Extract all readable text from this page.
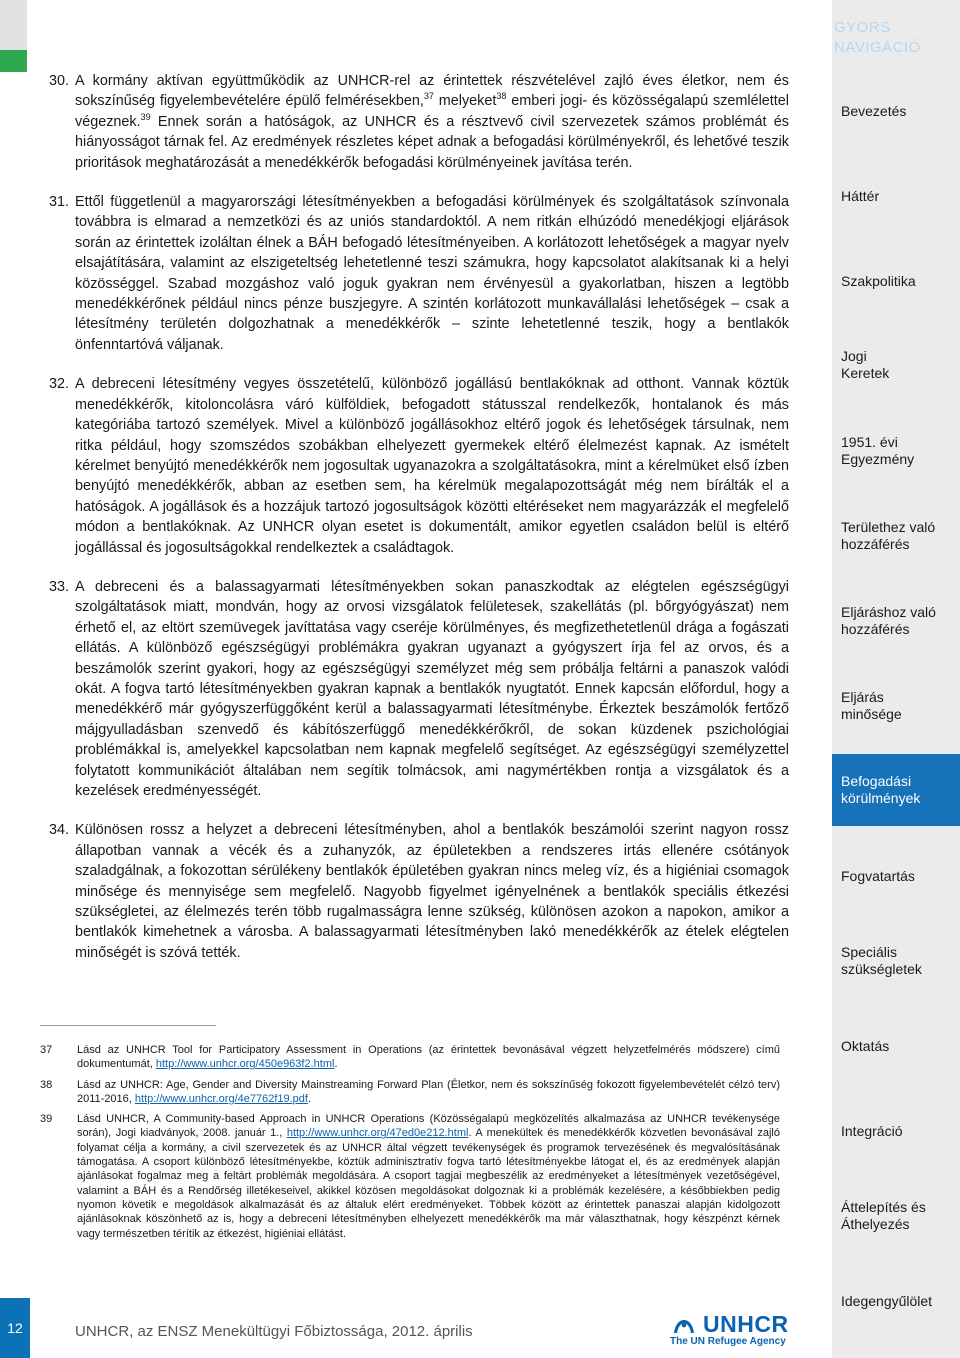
30. A kormány aktívan együttműködik az UNHCR-rel az érintettek részvételével zajló éves életkor, nem és sokszínűség figyelembevételére épülő felmérésekben,$^{37}$ melyeket$^{38}$ emberi jogi- és közösségalapú szemlélettel végeznek.$^{39}$ Ennek során a hatóságok, az UNHCR és a résztvevő civil szervezetek számos problémát és hiányosságot tárnak fel. Az eredmények részletes képet adnak a befogadási körülményekről, és lehetővé teszik prioritások meghatározását a menedékkérők befogadási körülményeinek javítása terén.
31. Ettől függetlenül a magyarországi létesítményekben a befogadási körülmények és szolgáltatások színvonala továbbra is elmarad a nemzetközi és az uniós standardoktól. A nem ritkán elhúzódó menedékjogi eljárások során az érintettek izoláltan élnek a BÁH befogadó létesítményeiben. A korlátozott lehetőségek a magyar nyelv elsajátítására, valamint az elszigeteltség lehetetlenné teszi számukra, hogy kapcsolatot alakítsanak ki a helyi közösséggel. Szabad mozgáshoz való joguk gyakran nem érvényesül a gyakorlatban, hiszen a legtöbb menedékkérőnek például nincs pénze buszjegyre. A szintén korlátozott munkavállalási lehetőségek – csak a létesítmény területén dolgozhatnak a menedékkérők – szinte lehetetlenné teszik, hogy a bentlakók önfenntartóvá váljanak.
32. A debreceni létesítmény vegyes összetételű, különböző jogállású bentlakóknak ad otthont. Vannak köztük menedékkérők, kitoloncolásra váró külföldiek, befogadott státusszal rendelkezők, hontalanok és más kategóriába tartozó személyek. Mivel a különböző jogállásokhoz eltérő jogok és lehetőségek társulnak, nem ritka például, hogy szomszédos szobákban elhelyezett gyermekek eltérő élelmezést kapnak. Az ismételt kérelmet benyújtó menedékkérők nem jogosultak ugyanazokra a szolgáltatásokra, mint a kérelmüket első ízben benyújtó menedékkérők, abban az esetben sem, ha kérelmük megalapozottságát még nem bírálták el a hatóságok. A jogállások és a hozzájuk tartozó jogosultságok közötti eltéréseket nem magyarázzák el megfelelő módon a bentlakóknak. Az UNHCR olyan esetet is dokumentált, amikor egyetlen családon belül is eltérő jogállással és jogosultságokkal rendelkeztek a családtagok.
33. A debreceni és a balassagyarmati létesítményekben sokan panaszkodtak az elégtelen egészségügyi szolgáltatások miatt, mondván, hogy az orvosi vizsgálatok felületesek, szakellátás (pl. bőrgyógyászat) nem érhető el, az eltört szemüvegek javíttatása vagy cseréje körülményes, és megfizethetetlenül drága a fogászati ellátás. A különböző egészségügyi problémákra gyakran ugyanazt a gyógyszert írja fel az orvos, és a beszámolók szerint gyakori, hogy az egészségügyi személyzet még sem próbálja feltárni a panaszok valódi okát. A fogva tartó létesítményekben gyakran kapnak a bentlakók nyugtatót. Ennek kapcsán előfordul, hogy a menedékkérő már gyógyszerfüggőként kerül a balassagyarmati létesítménybe. Érkeztek beszámolók fertőző májgyulladásban szenvedő és kábítószerfüggő menedékkérőkről, de sokan küzdenek pszichológiai problémákkal is, amelyekkel kapcsolatban nem kapnak megfelelő segítséget. Az egészségügyi személyzettel folytatott kommunikációt általában nem segítik tolmácsok, ami nagymértékben rontja a vizsgálatok és a kezelések eredményességét.
34. Különösen rossz a helyzet a debreceni létesítményben, ahol a bentlakók beszámolói szerint nagyon rossz állapotban vannak a vécék és a zuhanyzók, az épületekben a rendszeres irtás ellenére csótányok szaladgálnak, a fokozottan sérülékeny bentlakók épületében gyakran nincs meleg víz, és a higiéniai csomagok minősége és mennyisége sem megfelelő. Nagyobb figyelmet igényelnének a bentlakók speciális étkezési szükségletei, az élelmezés terén több rugalmasságra lenne szükség, különösen azokon a napokon, amikor a bentlakók kimehetnek a városba. A balassagyarmati létesítményben lakó menedékkérők az ételek elégtelen minőségét is szóvá tették.
37	Lásd az UNHCR Tool for Participatory Assessment in Operations (az érintettek bevonásával végzett helyzetfelmérés módszere) című dokumentumát, http://www.unhcr.org/450e963f2.html.
38	Lásd az UNHCR: Age, Gender and Diversity Mainstreaming Forward Plan (Életkor, nem és sokszínűség fokozott figyelembevételét célzó terv) 2011-2016, http://www.unhcr.org/4e7762f19.pdf.
39	Lásd UNHCR, A Community-based Approach in UNHCR Operations (Közösségalapú megközelítés alkalmazása az UNHCR tevékenysége során), Jogi kiadványok, 2008. január 1., http://www.unhcr.org/47ed0e212.html. A menekültek és menedékkérők közvetlen bevonásával zajló folyamat célja a kormány, a civil szervezetek és az UNHCR által végzett tevékenységek és programok tervezésének és megvalósításának támogatása. A csoport különböző létesítményekbe, köztük adminisztratív fogva tartó létesítményekbe látogat el, és az eredmények alapján ajánlásokat fogalmaz meg a feltárt problémák megoldására. A csoport tagjai megbeszélik az eredményeket a létesítmények vezetőségével, valamint a BÁH és a Rendőrség illetékeseivel, akikkel közösen megoldásokat dolgoznak ki a problémák kezelésére, a későbbiekben pedig nyomon követik e megoldások alkalmazását és az általuk elért eredményeket. Többek között az érintettek panaszai alapján kidolgozott ajánlásoknak köszönhető az is, hogy a debreceni létesítményben elhelyezett menedékkérők ma már választhatnak, hogy készpénzt kérnek vagy természetben térítik az étkezést, higiéniai ellátást.
12	UNHCR, az ENSZ Menekültügyi Főbiztossága, 2012. április	UNHCR
The UN Refugee Agency
GYORS
NAVIGÁCIÓ
Bevezetés
Háttér
Szakpolitika
Jogi
Keretek
1951. évi
Egyezmény
Területhez való
hozzáférés
Eljáráshoz való
hozzáférés
Eljárás
minősége
Befogadási
körülmények
Fogvatartás
Speciális
szükségletek
Oktatás
Integráció
Áttelepítés és
Áthelyezés
Idegengyűlölet
